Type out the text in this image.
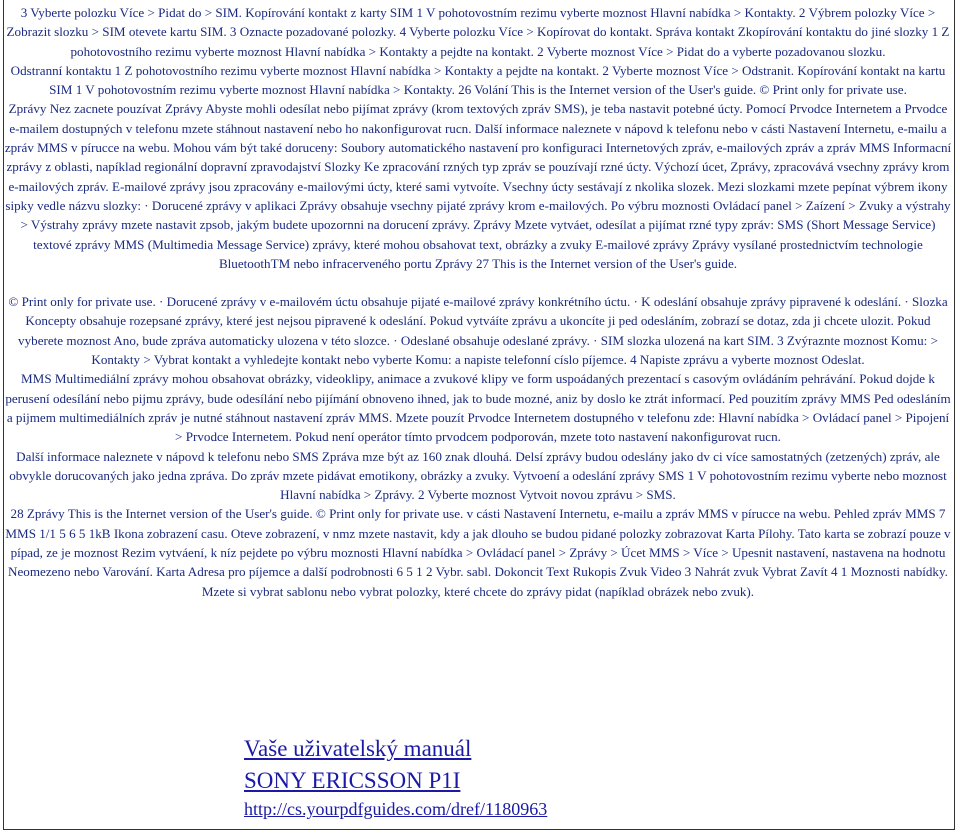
3 Vyberte polozku Více > Pidat do > SIM. Kopírování kontakt z karty SIM 1 V pohotovostním rezimu vyberte moznost Hlavní nabídka > Kontakty. 2 Výbrem polozky Více > Zobrazit slozku > SIM otevete kartu SIM. 3 Oznacte pozadované polozky. 4 Vyberte polozku Více > Kopírovat do kontakt. Správa kontakt Zkopírování kontaktu do jiné slozky 1 Z pohotovostního rezimu vyberte moznost Hlavní nabídka > Kontakty a pejdte na kontakt. 2 Vyberte moznost Více > Pidat do a vyberte pozadovanou slozku.

Odstranní kontaktu 1 Z pohotovostního rezimu vyberte moznost Hlavní nabídka > Kontakty a pejdte na kontakt. 2 Vyberte moznost Více > Odstranit. Kopírování kontakt na kartu SIM 1 V pohotovostním rezimu vyberte moznost Hlavní nabídka > Kontakty. 26 Volání This is the Internet version of the User's guide. © Print only for private use.

Zprávy Nez zacnete pouzívat Zprávy Abyste mohli odesílat nebo pijímat zprávy (krom textových zpráv SMS), je teba nastavit potebné úcty. Pomocí Prvodce Internetem a Prvodce e-mailem dostupných v telefonu mzete stáhnout nastavení nebo ho nakonfigurovat rucn. Další informace naleznete v nápovd k telefonu nebo v cásti Nastavení Internetu, e-mailu a zpráv MMS v pírucce na webu. Mohou vám být také doruceny: Soubory automatického nastavení pro konfiguraci Internetových zpráv, e-mailových zpráv a zpráv MMS Informacní zprávy z oblasti, napíklad regionální dopravní zpravodajství Slozky Ke zpracování rzných typ zpráv se pouzívají rzné úcty. Výchozí úcet, Zprávy, zpracovává vsechny zprávy krom e-mailových zpráv. E-mailové zprávy jsou zpracovány e-mailovými úcty, které sami vytvoíte. Vsechny úcty sestávají z nkolika slozek. Mezi slozkami mzete pepínat výbrem ikony sipky vedle názvu slozky: · Dorucené zprávy v aplikaci Zprávy obsahuje vsechny pijaté zprávy krom e-mailových. Po výbru moznosti Ovládací panel > Zaízení > Zvuky a výstrahy > Výstrahy zprávy mzete nastavit zpsob, jakým budete upozornni na dorucení zprávy. Zprávy Mzete vytváet, odesílat a pijímat rzné typy zpráv: SMS (Short Message Service) textové zprávy MMS (Multimedia Message Service) zprávy, které mohou obsahovat text, obrázky a zvuky E-mailové zprávy Zprávy vysílané prostednictvím technologie BluetoothTM nebo infracerveného portu Zprávy 27 This is the Internet version of the User's guide.

© Print only for private use. · Dorucené zprávy v e-mailovém úctu obsahuje pijaté e-mailové zprávy konkrétního úctu. · K odeslání obsahuje zprávy pipravené k odeslání. · Slozka Koncepty obsahuje rozepsané zprávy, které jest nejsou pipravené k odeslání. Pokud vytváíte zprávu a ukoncíte ji ped odesláním, zobrazí se dotaz, zda ji chcete ulozit. Pokud vyberete moznost Ano, bude zpráva automaticky ulozena v této slozce. · Odeslané obsahuje odeslané zprávy. · SIM slozka ulozená na kart SIM. 3 Zvýraznte moznost Komu: > Kontakty > Vybrat kontakt a vyhledejte kontakt nebo vyberte Komu: a napiste telefonní císlo píjemce. 4 Napiste zprávu a vyberte moznost Odeslat.

MMS Multimediální zprávy mohou obsahovat obrázky, videoklipy, animace a zvukové klipy ve form uspoádaných prezentací s casovým ovládáním pehrávání. Pokud dojde k perusení odesílání nebo pijmu zprávy, bude odesílání nebo pijímání obnoveno ihned, jak to bude mozné, aniz by doslo ke ztrát informací. Ped pouzitím zprávy MMS Ped odesláním a pijmem multimediálních zpráv je nutné stáhnout nastavení zpráv MMS. Mzete pouzít Prvodce Internetem dostupného v telefonu zde: Hlavní nabídka > Ovládací panel > Pipojení > Prvodce Internetem. Pokud není operátor tímto prvodcem podporován, mzete toto nastavení nakonfigurovat rucn.

Další informace naleznete v nápovd k telefonu nebo SMS Zpráva mze být az 160 znak dlouhá. Delsí zprávy budou odeslány jako dv ci více samostatných (zetzených) zpráv, ale obvykle dorucovaných jako jedna zpráva. Do zpráv mzete pidávat emotikony, obrázky a zvuky. Vytvoení a odeslání zprávy SMS 1 V pohotovostním rezimu vyberte nebo moznost Hlavní nabídka > Zprávy. 2 Vyberte moznost Vytvoit novou zprávu > SMS.

28 Zprávy This is the Internet version of the User's guide. © Print only for private use. v cásti Nastavení Internetu, e-mailu a zpráv MMS v pírucce na webu. Pehled zpráv MMS 7 MMS 1/1 5 6 5 1kB Ikona zobrazení casu. Oteve zobrazení, v nmz mzete nastavit, kdy a jak dlouho se budou pidané polozky zobrazovat Karta Pílohy. Tato karta se zobrazí pouze v pípad, ze je moznost Rezim vytváení, k níz pejdete po výbru moznosti Hlavní nabídka > Ovládací panel > Zprávy > Úcet MMS > Více > Upesnit nastavení, nastavena na hodnotu Neomezeno nebo Varování. Karta Adresa pro píjemce a další podrobnosti 6 5 1 2 Vybr. sabl. Dokoncit Text Rukopis Zvuk Video 3 Nahrát zvuk Vybrat Zavít 4 1 Moznosti nabídky. Mzete si vybrat sablonu nebo vybrat polozky, které chcete do zprávy pidat (napíklad obrázek nebo zvuk).

Vaše uživatelský manuál
SONY ERICSSON P1I
http://cs.yourpdfguides.com/dref/1180963
